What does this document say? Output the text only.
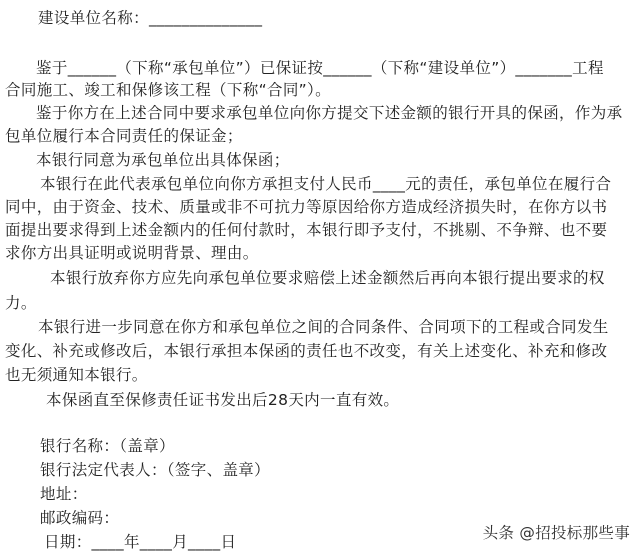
建设单位名称：______________

鉴于______（下称“承包单位”）已保证按______（下称“建设单位”）_______工程

合同施工、竣工和保修该工程（下称“合同”）。

鉴于你方在上述合同中要求承包单位向你方提交下述金额的银行开具的保函，作为承

包单位履行本合同责任的保证金；

本银行同意为承包单位出具体保函；

本银行在此代表承包单位向你方承担支付人民币____元的责任，承包单位在履行合

同中，由于资金、技术、质量或非不可抗力等原因给你方造成经济损失时，在你方以书

面提出要求得到上述金额内的任何付款时，本银行即予支付，不挑剔、不争辩、也不要

求你方出具证明或说明背景、理由。

本银行放弃你方应先向承包单位要求赔偿上述金额然后再向本银行提出要求的权

力。

本银行进一步同意在你方和承包单位之间的合同条件、合同项下的工程或合同发生

变化、补充或修改后，本银行承担本保函的责任也不改变，有关上述变化、补充和修改

也无须通知本银行。

本保函直至保修责任证书发出后28天内一直有效。

银行名称：（盖章）

银行法定代表人：（签字、盖章）

地址：

邮政编码：

日期：____年____月____日	头条 @招投标那些事
